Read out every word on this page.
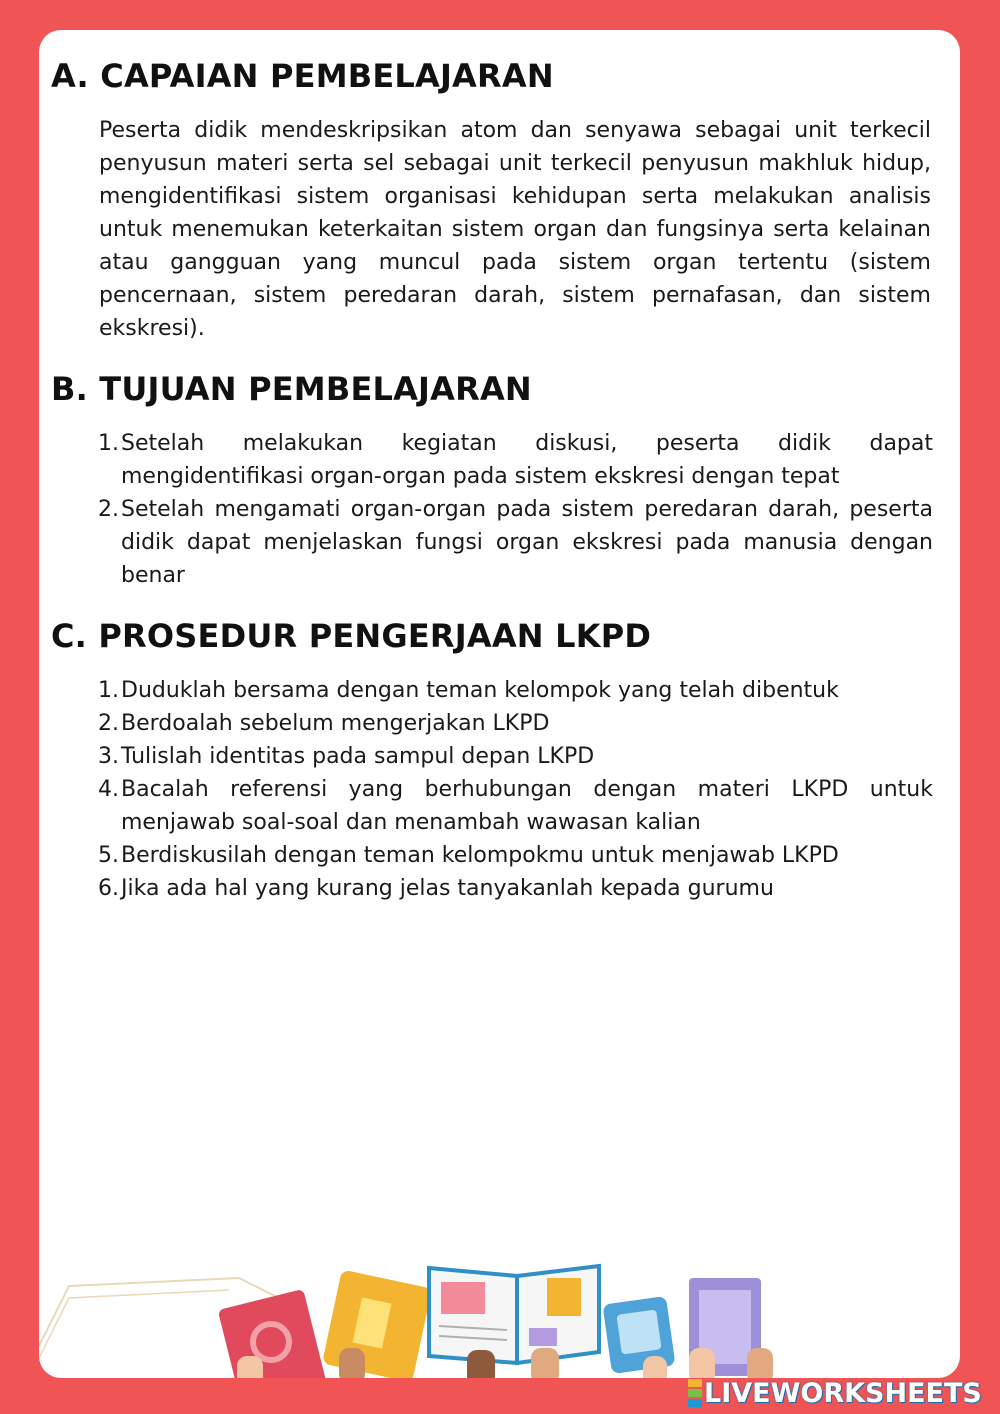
A. CAPAIAN PEMBELAJARAN

Peserta didik mendeskripsikan atom dan senyawa sebagai unit terkecil penyusun materi serta sel sebagai unit terkecil penyusun makhluk hidup, mengidentifikasi sistem organisasi kehidupan serta melakukan analisis untuk menemukan keterkaitan sistem organ dan fungsinya serta kelainan atau gangguan yang muncul pada sistem organ tertentu (sistem pencernaan, sistem peredaran darah, sistem pernafasan, dan sistem ekskresi).

B. TUJUAN PEMBELAJARAN
1. Setelah melakukan kegiatan diskusi, peserta didik dapat mengidentifikasi organ-organ pada sistem ekskresi dengan tepat
2. Setelah mengamati organ-organ pada sistem peredaran darah, peserta didik dapat menjelaskan fungsi organ ekskresi pada manusia dengan benar
C. PROSEDUR PENGERJAAN LKPD
1. Duduklah bersama dengan teman kelompok yang telah dibentuk
2. Berdoalah sebelum mengerjakan LKPD
3. Tulislah identitas pada sampul depan LKPD
4. Bacalah referensi yang berhubungan dengan materi LKPD untuk menjawab soal-soal dan menambah wawasan kalian
5. Berdiskusilah dengan teman kelompokmu untuk menjawab LKPD
6. Jika ada hal yang kurang jelas tanyakanlah kepada gurumu
LIVEWORKSHEETS
